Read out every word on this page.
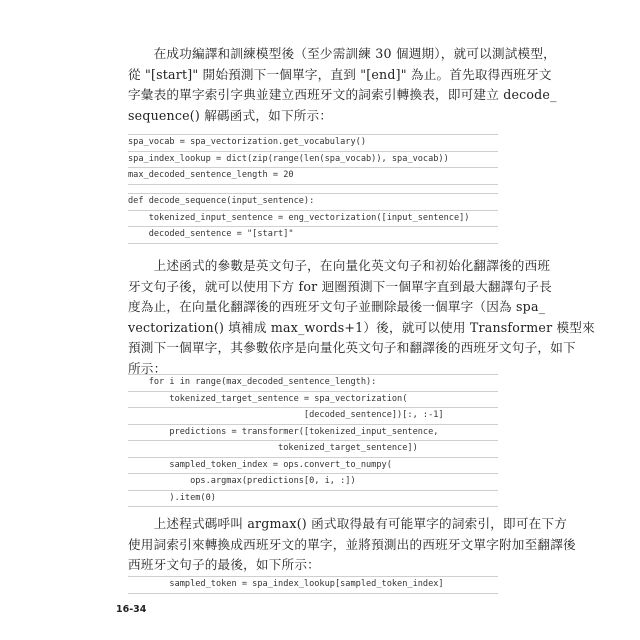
　　在成功編譯和訓練模型後（至少需訓練 30 個週期），就可以測試模型，
從 "[start]" 開始預測下一個單字，直到 "[end]" 為止。首先取得西班牙文
字彙表的單字索引字典並建立西班牙文的詞索引轉換表，即可建立 decode_
sequence() 解碼函式，如下所示：

spa_vocab = spa_vectorization.get_vocabulary()
spa_index_lookup = dict(zip(range(len(spa_vocab)), spa_vocab))
max_decoded_sentence_length = 20
def decode_sequence(input_sentence):
tokenized_input_sentence = eng_vectorization([input_sentence])
decoded_sentence = "[start]"

　　上述函式的參數是英文句子，在向量化英文句子和初始化翻譯後的西班
牙文句子後，就可以使用下方 for 迴圈預測下一個單字直到最大翻譯句子長
度為止，在向量化翻譯後的西班牙文句子並刪除最後一個單字（因為 spa_
vectorization() 填補成 max_words+1）後，就可以使用 Transformer 模型來
預測下一個單字，其參數依序是向量化英文句子和翻譯後的西班牙文句子，如下
所示：

for i in range(max_decoded_sentence_length):
tokenized_target_sentence = spa_vectorization(
[decoded_sentence])[:, :-1]
predictions = transformer([tokenized_input_sentence,
tokenized_target_sentence])
sampled_token_index = ops.convert_to_numpy(
ops.argmax(predictions[0, i, :])
).item(0)

　　上述程式碼呼叫 argmax() 函式取得最有可能單字的詞索引，即可在下方
使用詞索引來轉換成西班牙文的單字，並將預測出的西班牙文單字附加至翻譯後
西班牙文句子的最後，如下所示：

sampled_token = spa_index_lookup[sampled_token_index]
16-34
